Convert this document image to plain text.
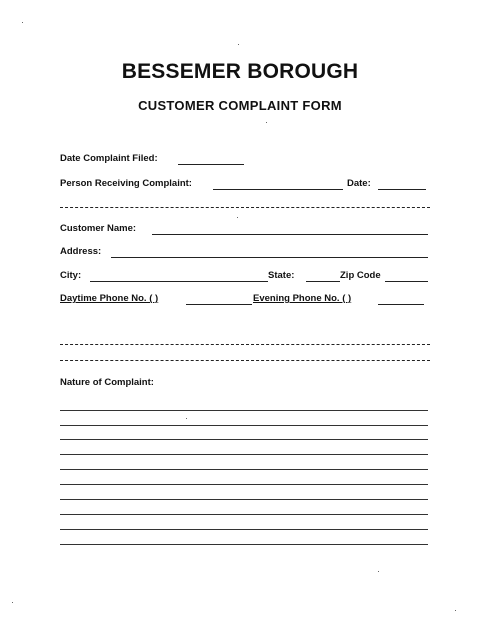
BESSEMER BOROUGH
CUSTOMER COMPLAINT FORM
Date Complaint Filed:
Person Receiving Complaint:	Date:
Customer Name:
Address:
City:	State:	Zip Code
Daytime Phone No. ( )	Evening Phone No. ( )
Nature of Complaint:
